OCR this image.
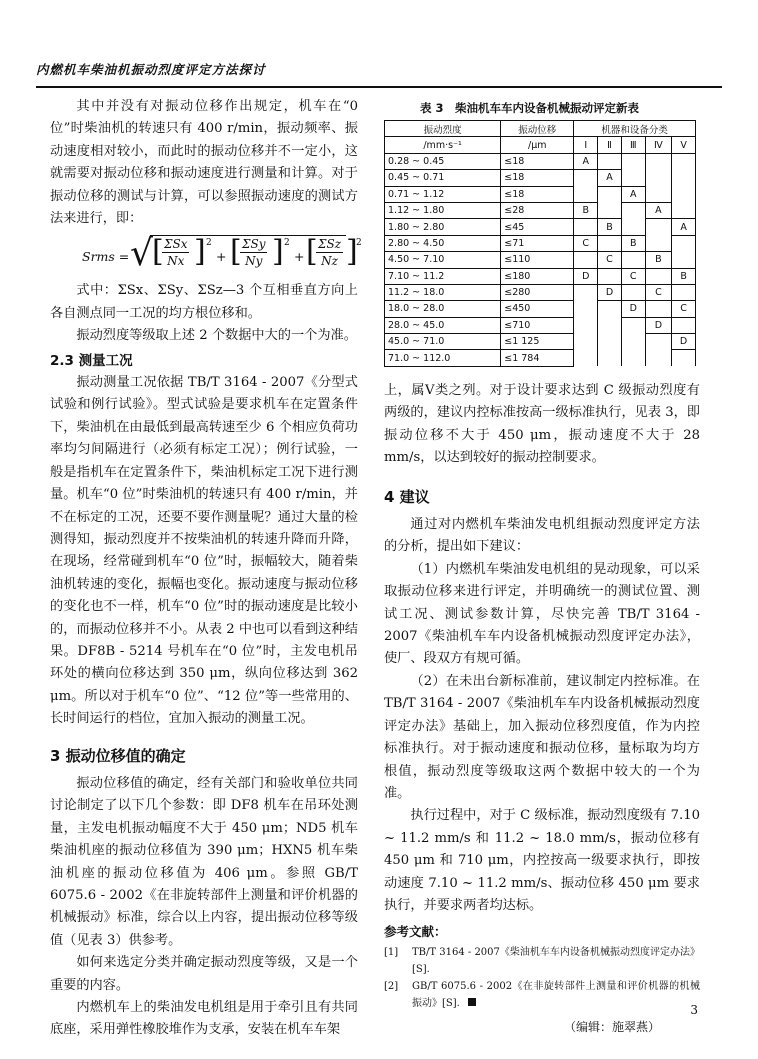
内燃机车柴油机振动烈度评定方法探讨

其中并没有对振动位移作出规定，机车在“0位”时柴油机的转速只有 400 r/min，振动频率、振动速度相对较小，而此时的振动位移并不一定小，这就需要对振动位移和振动速度进行测量和计算。对于振动位移的测试与计算，可以参照振动速度的测试方法来进行，即：

Srms = √ [ ΣSx
Nx ] 2
+ [ ΣSy
Ny ] 2
+ [ ΣSz
Nz ]
2

式中：ΣSx、ΣSy、ΣSz—3 个互相垂直方向上各自测点同一工况的均方根位移和。

振动烈度等级取上述 2 个数据中大的一个为准。

2.3 测量工况

振动测量工况依据 TB/T 3164 - 2007《分型式试验和例行试验》。型式试验是要求机车在定置条件下，柴油机在由最低到最高转速至少 6 个相应负荷功率均匀间隔进行（必须有标定工况）；例行试验，一般是指机车在定置条件下，柴油机标定工况下进行测量。机车“0 位”时柴油机的转速只有 400 r/min，并不在标定的工况，还要不要作测量呢？通过大量的检测得知，振动烈度并不按柴油机的转速升降而升降，在现场，经常碰到机车“0 位”时，振幅较大，随着柴油机转速的变化，振幅也变化。振动速度与振动位移的变化也不一样，机车“0 位”时的振动速度是比较小的，而振动位移并不小。从表 2 中也可以看到这种结果。DF8B - 5214 号机车在“0 位”时，主发电机吊环处的横向位移达到 350 μm，纵向位移达到 362 μm。所以对于机车“0 位”、“12 位”等一些常用的、长时间运行的档位，宜加入振动的测量工况。

3 振动位移值的确定

振动位移值的确定，经有关部门和验收单位共同讨论制定了以下几个参数：即 DF8 机车在吊环处测量，主发电机振动幅度不大于 450 μm；ND5 机车柴油机座的振动位移值为 390 μm；HXN5 机车柴油机座的振动位移值为 406 μm。参照 GB/T 6075.6 - 2002《在非旋转部件上测量和评价机器的机械振动》标准，综合以上内容，提出振动位移等级值（见表 3）供参考。

如何来选定分类并确定振动烈度等级，又是一个重要的内容。

内燃机车上的柴油发电机组是用于牵引且有共同底座，采用弹性橡胶堆作为支承，安装在机车车架

表 3　柴油机车车内设备机械振动评定新表
振动烈度	振动位移	机器和设备分类				
/mm·s⁻¹	/μm	Ⅰ	Ⅱ	Ⅲ	Ⅳ	Ⅴ
0.28 ~ 0.45	≤18	A				
0.45 ~ 0.71	≤18		A			
0.71 ~ 1.12	≤18			A		
1.12 ~ 1.80	≤28	B			A	
1.80 ~ 2.80	≤45		B			A
2.80 ~ 4.50	≤71	C		B		
4.50 ~ 7.10	≤110		C		B	
7.10 ~ 11.2	≤180	D		C		B
11.2 ~ 18.0	≤280		D		C	
18.0 ~ 28.0	≤450			D		C
28.0 ~ 45.0	≤710				D	
45.0 ~ 71.0	≤1 125					D
71.0 ~ 112.0	≤1 784					

上，属Ⅴ类之列。对于设计要求达到 C 级振动烈度有两级的，建议内控标准按高一级标准执行，见表 3，即振动位移不大于 450 μm，振动速度不大于 28 mm/s，以达到较好的振动控制要求。

4 建议

通过对内燃机车柴油发电机组振动烈度评定方法的分析，提出如下建议：

（1）内燃机车柴油发电机组的晃动现象，可以采取振动位移来进行评定，并明确统一的测试位置、测试工况、测试参数计算，尽快完善 TB/T 3164 - 2007《柴油机车车内设备机械振动烈度评定办法》，使厂、段双方有规可循。

（2）在未出台新标准前，建议制定内控标准。在 TB/T 3164 - 2007《柴油机车车内设备机械振动烈度评定办法》基础上，加入振动位移烈度值，作为内控标准执行。对于振动速度和振动位移，量标取为均方根值，振动烈度等级取这两个数据中较大的一个为准。

执行过程中，对于 C 级标准，振动烈度级有 7.10 ~ 11.2 mm/s 和 11.2 ~ 18.0 mm/s，振动位移有 450 μm 和 710 μm，内控按高一级要求执行，即按动速度 7.10 ~ 11.2 mm/s、振动位移 450 μm 要求执行，并要求两者均达标。

参考文献：
[1] TB/T 3164 - 2007《柴油机车车内设备机械振动烈度评定办法》[S].
[2] GB/T 6075.6 - 2002《在非旋转部件上测量和评价机器的机械振动》[S].
（编辑：施翠燕）
3
